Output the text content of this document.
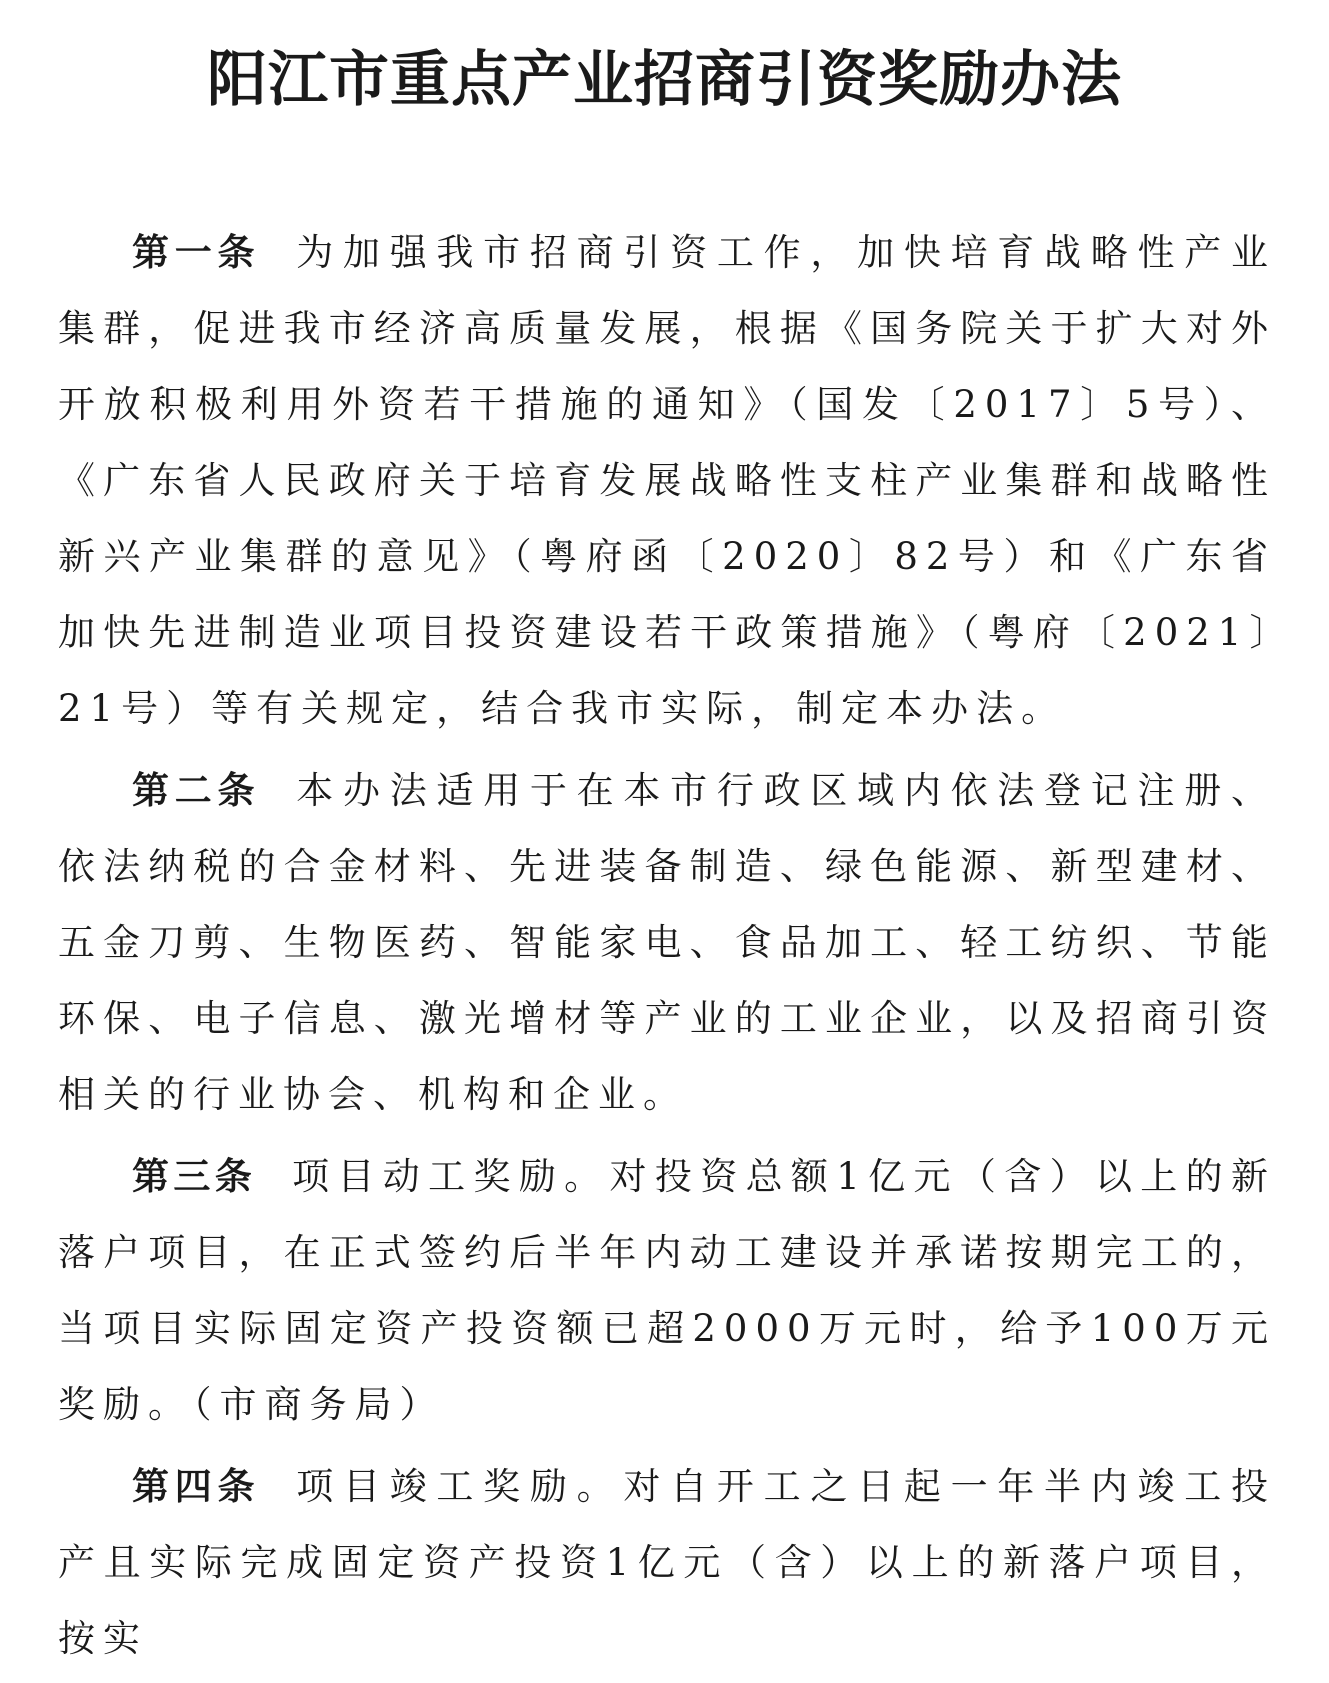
阳江市重点产业招商引资奖励办法

第一条 为加强我市招商引资工作，加快培育战略性产业集群，促进我市经济高质量发展，根据《国务院关于扩大对外开放积极利用外资若干措施的通知》（国发〔2017〕5号）、《广东省人民政府关于培育发展战略性支柱产业集群和战略性新兴产业集群的意见》（粤府函〔2020〕82号）和《广东省加快先进制造业项目投资建设若干政策措施》（粤府〔2021〕21号）等有关规定，结合我市实际，制定本办法。

第二条 本办法适用于在本市行政区域内依法登记注册、依法纳税的合金材料、先进装备制造、绿色能源、新型建材、五金刀剪、生物医药、智能家电、食品加工、轻工纺织、节能环保、电子信息、激光增材等产业的工业企业，以及招商引资相关的行业协会、机构和企业。

第三条 项目动工奖励。对投资总额1亿元（含）以上的新落户项目，在正式签约后半年内动工建设并承诺按期完工的，当项目实际固定资产投资额已超2000万元时，给予100万元奖励。（市商务局）

第四条 项目竣工奖励。对自开工之日起一年半内竣工投产且实际完成固定资产投资1亿元（含）以上的新落户项目，按实
